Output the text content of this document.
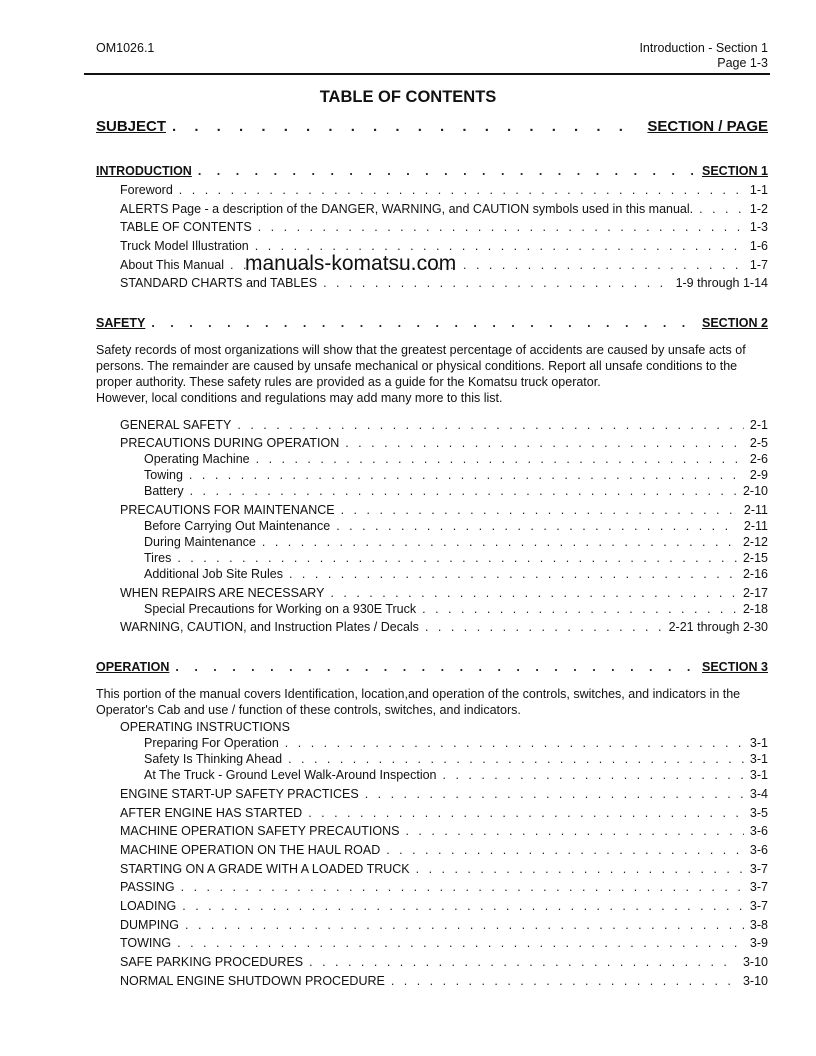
OM1026.1	Introduction - Section 1
Page 1-3
TABLE OF CONTENTS
SUBJECT . . .	SECTION / PAGE
INTRODUCTION . . .	SECTION 1
Foreword . . .	1-1
ALERTS Page - a description of the DANGER, WARNING, and CAUTION symbols used in this manual. . . .	1-2
TABLE OF CONTENTS . . .	1-3
Truck Model Illustration . . .	1-6
About This Manual . . .	1-7
STANDARD CHARTS and TABLES . . .	1-9 through 1-14
manuals-komatsu.com
SAFETY . . .	SECTION 2
Safety records of most organizations will show that the greatest percentage of accidents are caused by unsafe acts of persons. The remainder are caused by unsafe mechanical or physical conditions. Report all unsafe conditions to the proper authority. These safety rules are provided as a guide for the Komatsu truck operator.
However, local conditions and regulations may add many more to this list.
GENERAL SAFETY . . .	2-1
PRECAUTIONS DURING OPERATION . . .	2-5
Operating Machine . . .	2-6
Towing . . .	2-9
Battery . . .	2-10
PRECAUTIONS FOR MAINTENANCE . . .	2-11
Before Carrying Out Maintenance . . .	2-11
During Maintenance . . .	2-12
Tires . . .	2-15
Additional Job Site Rules . . .	2-16
WHEN REPAIRS ARE NECESSARY . . .	2-17
Special Precautions for Working on a 930E Truck . . .	2-18
WARNING, CAUTION, and Instruction Plates / Decals . . .	2-21 through 2-30
OPERATION . . .	SECTION 3
This portion of the manual covers Identification, location,and operation of the controls, switches, and indicators in the Operator's Cab and use / function of these controls, switches, and indicators.
OPERATING INSTRUCTIONS
Preparing For Operation . . .	3-1
Safety Is Thinking Ahead . . .	3-1
At The Truck - Ground Level Walk-Around Inspection . . .	3-1
ENGINE START-UP SAFETY PRACTICES . . .	3-4
AFTER ENGINE HAS STARTED . . .	3-5
MACHINE OPERATION SAFETY PRECAUTIONS . . .	3-6
MACHINE OPERATION ON THE HAUL ROAD . . .	3-6
STARTING ON A GRADE WITH A LOADED TRUCK . . .	3-7
PASSING . . .	3-7
LOADING . . .	3-7
DUMPING . . .	3-8
TOWING . . .	3-9
SAFE PARKING PROCEDURES . . .	3-10
NORMAL ENGINE SHUTDOWN PROCEDURE . . .	3-10
